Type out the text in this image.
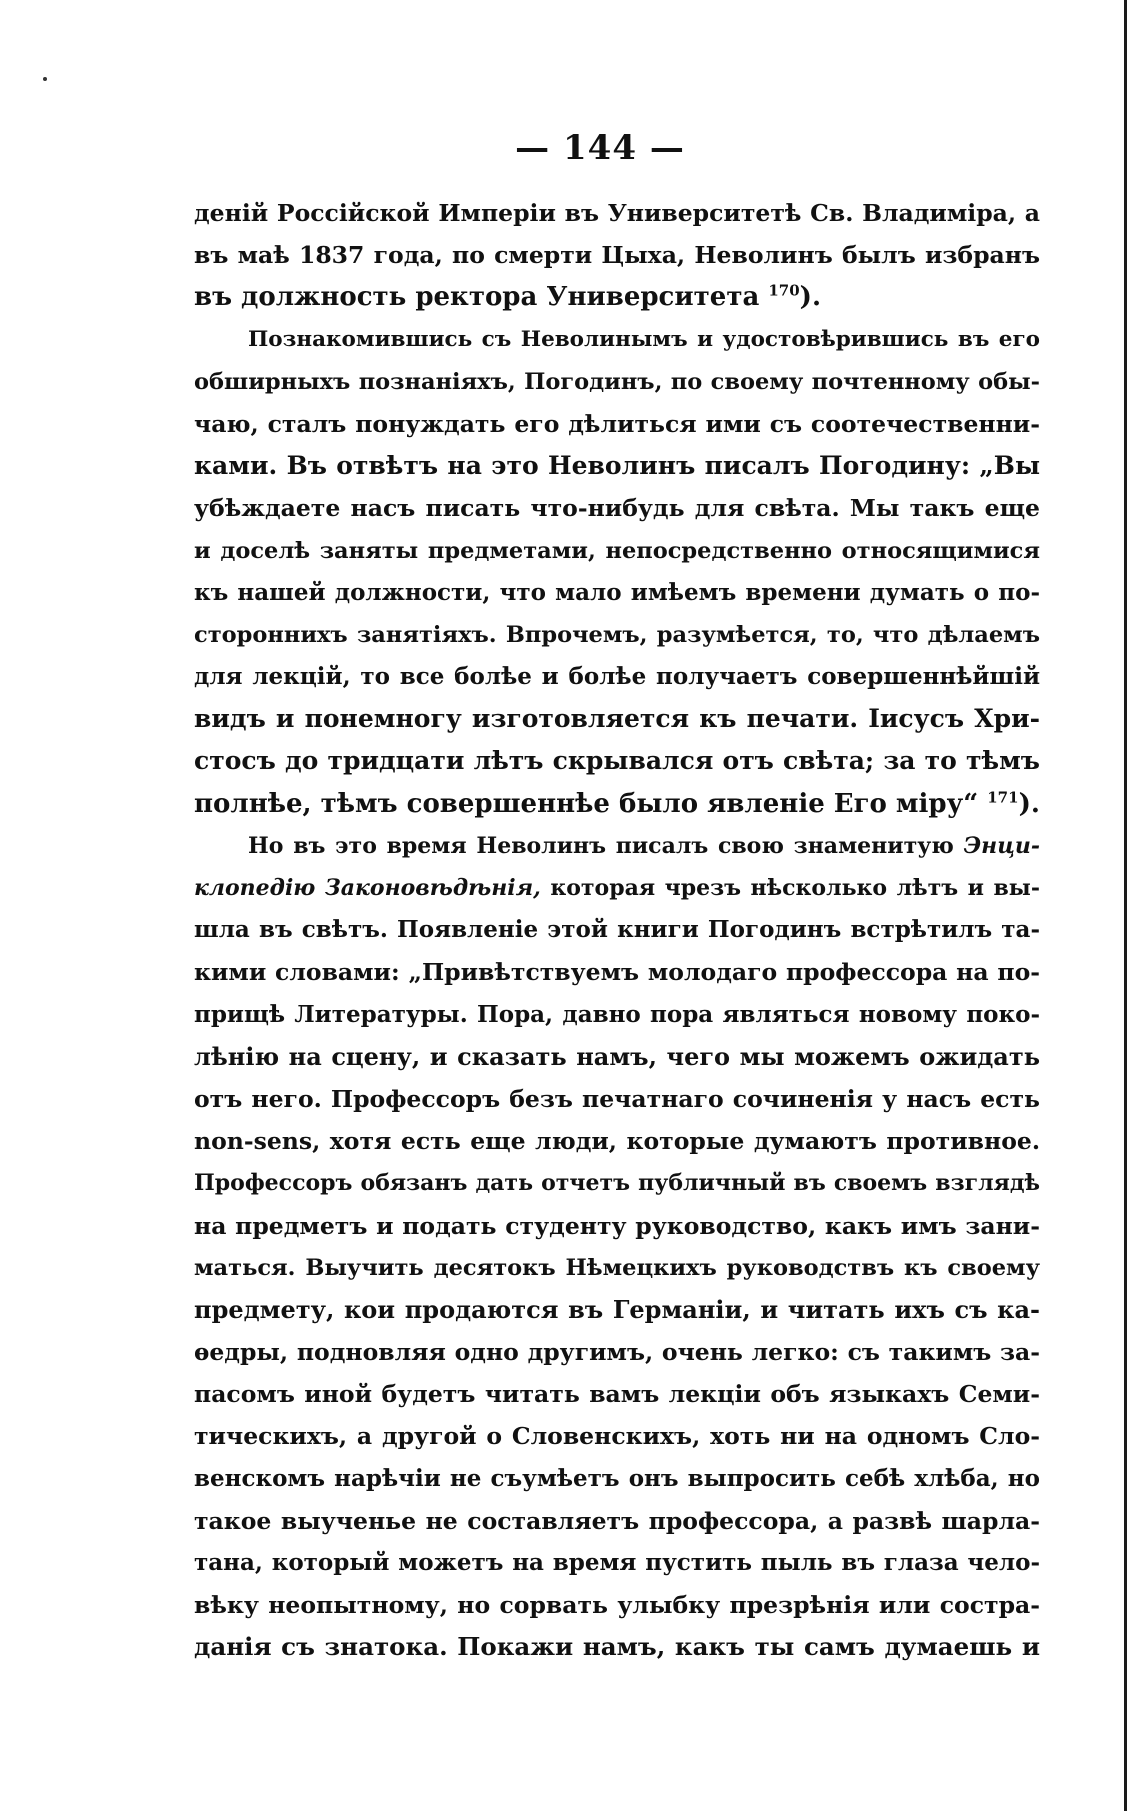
— 144 —
деній Россійской Имперіи въ Университетѣ Св. Владиміра, а
въ маѣ 1837 года, по смерти Цыха, Неволинъ былъ избранъ
въ должность ректора Университета $^{170}$).
Познакомившись съ Неволинымъ и удостовѣрившись въ его
обширныхъ познаніяхъ, Погодинъ, по своему почтенному обы-
чаю, сталъ понуждать его дѣлиться ими съ соотечественни-
ками. Въ отвѣтъ на это Неволинъ писалъ Погодину: „Вы
убѣждаете насъ писать что-нибудь для свѣта. Мы такъ еще
и доселѣ заняты предметами, непосредственно относящимися
къ нашей должности, что мало имѣемъ времени думать о по-
стороннихъ занятіяхъ. Впрочемъ, разумѣется, то, что дѣлаемъ
для лекцій, то все болѣе и болѣе получаетъ совершеннѣйшій
видъ и понемногу изготовляется къ печати. Іисусъ Хри-
стосъ до тридцати лѣтъ скрывался отъ свѣта; за то тѣмъ
полнѣе, тѣмъ совершеннѣе было явленіе Его міру“ $^{171}$).
Но въ это время Неволинъ писалъ свою знаменитую Энци-
клопедію Законовѣдѣнія, которая чрезъ нѣсколько лѣтъ и вы-
шла въ свѣтъ. Появленіе этой книги Погодинъ встрѣтилъ та-
кими словами: „Привѣтствуемъ молодаго профессора на по-
прищѣ Литературы. Пора, давно пора являться новому поко-
лѣнію на сцену, и сказать намъ, чего мы можемъ ожидать
отъ него. Профессоръ безъ печатнаго сочиненія у насъ есть
non-sens, хотя есть еще люди, которые думаютъ противное.
Профессоръ обязанъ дать отчетъ публичный въ своемъ взглядѣ
на предметъ и подать студенту руководство, какъ имъ зани-
маться. Выучить десятокъ Нѣмецкихъ руководствъ къ своему
предмету, кои продаются въ Германіи, и читать ихъ съ ка-
ѳедры, подновляя одно другимъ, очень легко: съ такимъ за-
пасомъ иной будетъ читать вамъ лекціи объ языкахъ Семи-
тическихъ, а другой о Словенскихъ, хоть ни на одномъ Сло-
венскомъ нарѣчіи не съумѣетъ онъ выпросить себѣ хлѣба, но
такое выученье не составляетъ профессора, а развѣ шарла-
тана, который можетъ на время пустить пыль въ глаза чело-
вѣку неопытному, но сорвать улыбку презрѣнія или состра-
данія съ знатока. Покажи намъ, какъ ты самъ думаешь и
